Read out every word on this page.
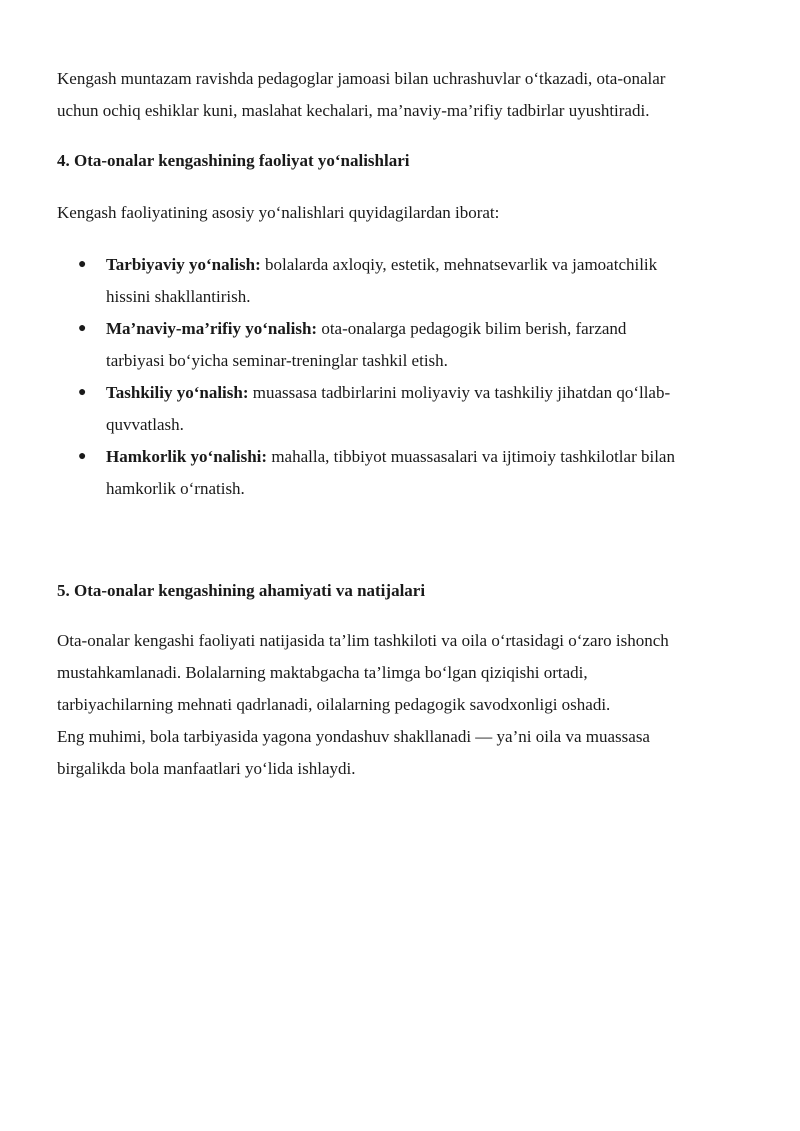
Kengash muntazam ravishda pedagoglar jamoasi bilan uchrashuvlar o‘tkazadi, ota-onalar
uchun ochiq eshiklar kuni, maslahat kechalari, ma’naviy-ma’rifiy tadbirlar uyushtiradi.

4. Ota-onalar kengashining faoliyat yo‘nalishlari

Kengash faoliyatining asosiy yo‘nalishlari quyidagilardan iborat:

● Tarbiyaviy yo‘nalish: bolalarda axloqiy, estetik, mehnatsevarlik va jamoatchilik
hissini shakllantirish.
● Ma’naviy-ma’rifiy yo‘nalish: ota-onalarga pedagogik bilim berish, farzand
tarbiyasi bo‘yicha seminar-treninglar tashkil etish.
● Tashkiliy yo‘nalish: muassasa tadbirlarini moliyaviy va tashkiliy jihatdan qo‘llab-
quvvatlash.
● Hamkorlik yo‘nalishi: mahalla, tibbiyot muassasalari va ijtimoiy tashkilotlar bilan
hamkorlik o‘rnatish.
5. Ota-onalar kengashining ahamiyati va natijalari

Ota-onalar kengashi faoliyati natijasida ta’lim tashkiloti va oila o‘rtasidagi o‘zaro ishonch
mustahkamlanadi. Bolalarning maktabgacha ta’limga bo‘lgan qiziqishi ortadi,
tarbiyachilarning mehnati qadrlanadi, oilalarning pedagogik savodxonligi oshadi.
Eng muhimi, bola tarbiyasida yagona yondashuv shakllanadi — ya’ni oila va muassasa
birgalikda bola manfaatlari yo‘lida ishlaydi.
